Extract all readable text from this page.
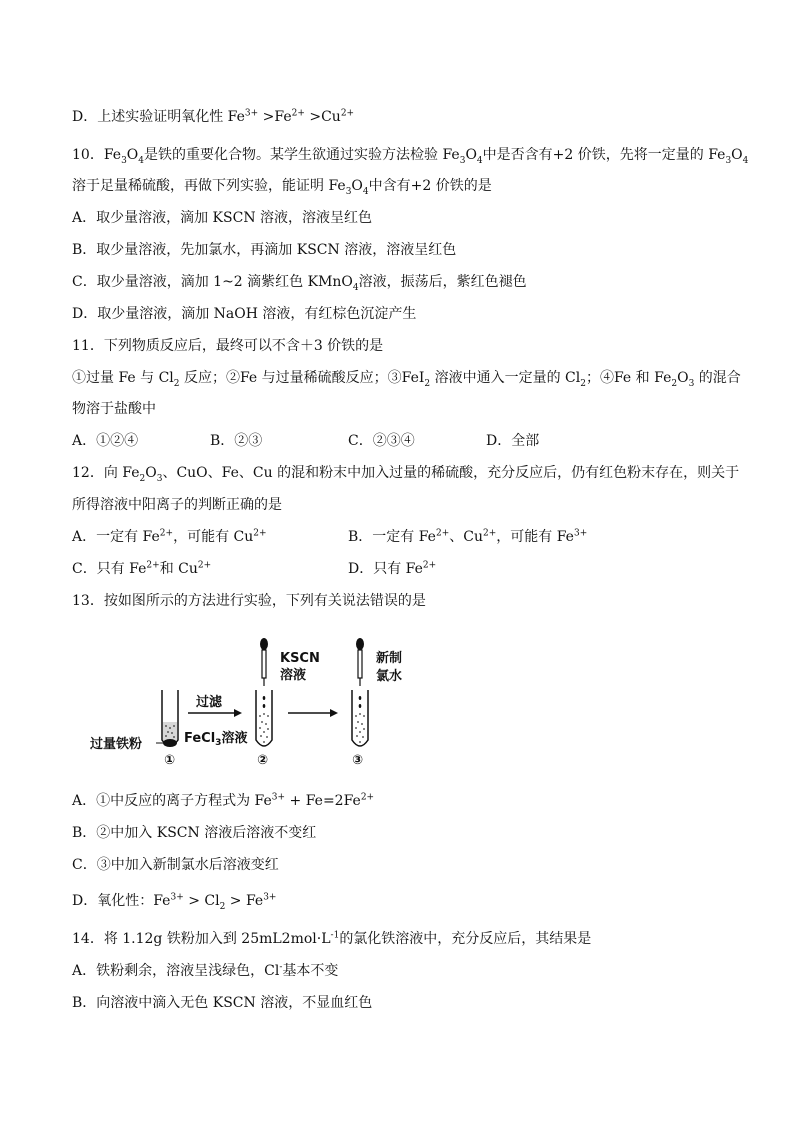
D．上述实验证明氧化性 $Fe^{3+} >Fe^{2+} >Cu^{2+}$
10．$Fe_3O_4$是铁的重要化合物。某学生欲通过实验方法检验 $Fe_3O_4$中是否含有+2 价铁，先将一定量的 $Fe_3O_4$
溶于足量稀硫酸，再做下列实验，能证明 $Fe_3O_4$中含有+2 价铁的是
A．取少量溶液，滴加 KSCN 溶液，溶液呈红色
B．取少量溶液，先加氯水，再滴加 KSCN 溶液，溶液呈红色
C．取少量溶液，滴加 1~2 滴紫红色 KMnO$_4$溶液，振荡后，紫红色褪色
D．取少量溶液，滴加 NaOH 溶液，有红棕色沉淀产生
11．下列物质反应后，最终可以不含＋3 价铁的是
①过量 Fe 与 $Cl_2$ 反应；②Fe 与过量稀硫酸反应；③FeI$_2$ 溶液中通入一定量的 $Cl_2$；④Fe 和 $Fe_2O_3$ 的混合
物溶于盐酸中
A．①②④	B．②③	C．②③④	D．全部
12．向 $Fe_2O_3$、CuO、Fe、Cu 的混和粉末中加入过量的稀硫酸，充分反应后，仍有红色粉末存在，则关于
所得溶液中阳离子的判断正确的是
A．一定有 $Fe^{2+}$，可能有 $Cu^{2+}$	B．一定有 $Fe^{2+}$、$Cu^{2+}$，可能有 $Fe^{3+}$
C．只有 $Fe^{2+}$和 $Cu^{2+}$	D．只有 $Fe^{2+}$
13．按如图所示的方法进行实验，下列有关说法错误的是
过量铁粉	FeCl$_3$溶液
①
过滤
KSCN
溶液
②
新制
氯水
③
A．①中反应的离子方程式为 $Fe^{3+} + Fe=2Fe^{2+}$
B．②中加入 KSCN 溶液后溶液不变红
C．③中加入新制氯水后溶液变红
D．氧化性：$Fe^{3+} > Cl_2 > Fe^{3+}$
14．将 1.12g 铁粉加入到 $25mL2mol\cdot L^{-1}$的氯化铁溶液中，充分反应后，其结果是
A．铁粉剩余，溶液呈浅绿色，Cl-基本不变
B．向溶液中滴入无色 KSCN 溶液，不显血红色
